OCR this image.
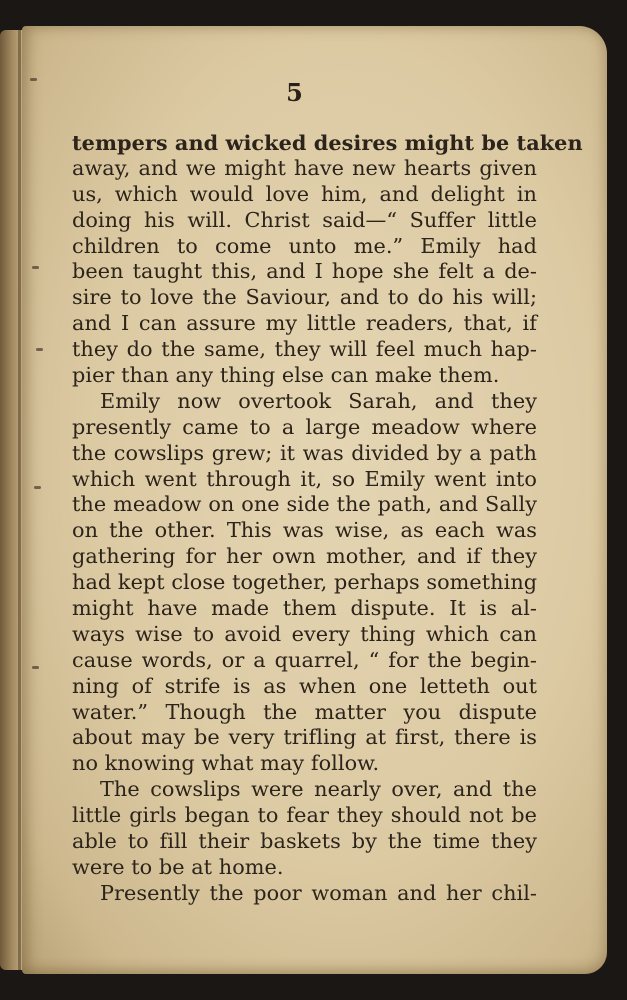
5
tempers and wicked desires might be taken
away, and we might have new hearts given
us, which would love him, and delight in
doing his will. Christ said—“ Suffer little
children to come unto me.” Emily had
been taught this, and I hope she felt a de-
sire to love the Saviour, and to do his will;
and I can assure my little readers, that, if
they do the same, they will feel much hap-
pier than any thing else can make them.
Emily now overtook Sarah, and they
presently came to a large meadow where
the cowslips grew; it was divided by a path
which went through it, so Emily went into
the meadow on one side the path, and Sally
on the other. This was wise, as each was
gathering for her own mother, and if they
had kept close together, perhaps something
might have made them dispute. It is al-
ways wise to avoid every thing which can
cause words, or a quarrel, “ for the begin-
ning of strife is as when one letteth out
water.” Though the matter you dispute
about may be very trifling at first, there is
no knowing what may follow.
The cowslips were nearly over, and the
little girls began to fear they should not be
able to fill their baskets by the time they
were to be at home.
Presently the poor woman and her chil-
